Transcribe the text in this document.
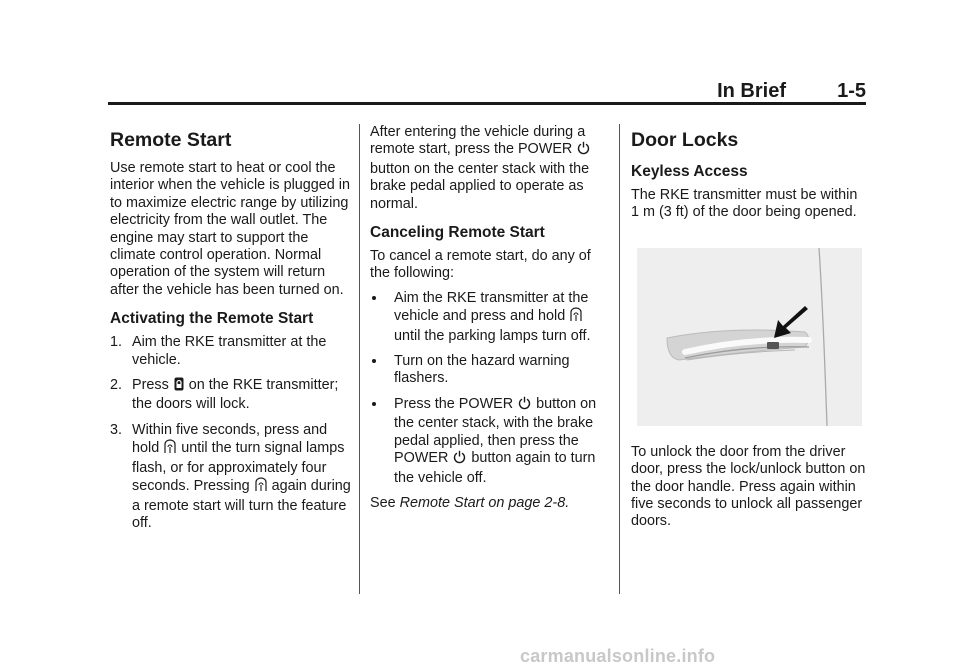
In Brief	1-5
Remote Start

Use remote start to heat or cool the interior when the vehicle is plugged in to maximize electric range by utilizing electricity from the wall outlet. The engine may start to support the climate control operation. Normal operation of the system will return after the vehicle has been turned on.

Activating the Remote Start
1. Aim the RKE transmitter at the vehicle.
2. Press on the RKE transmitter; the doors will lock.
3. Within five seconds, press and hold until the turn signal lamps flash, or for approximately four seconds. Pressing again during a remote start will turn the feature off.

After entering the vehicle during a remote start, press the POWER  button on the center stack with the brake pedal applied to operate as normal.

Canceling Remote Start

To cancel a remote start, do any of the following:

Aim the RKE transmitter at the vehicle and press and hold  until the parking lamps turn off.
Turn on the hazard warning flashers.
Press the POWER button on the center stack, with the brake pedal applied, then press the POWER button again to turn the vehicle off.

See Remote Start on page 2-8.

Door Locks
Keyless Access

The RKE transmitter must be within 1 m (3 ft) of the door being opened.

To unlock the door from the driver door, press the lock/unlock button on the door handle. Press again within five seconds to unlock all passenger doors.

carmanualsonline.info
